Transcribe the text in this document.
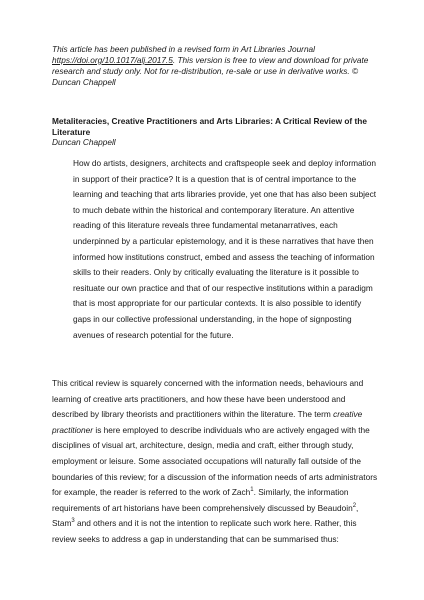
This article has been published in a revised form in Art Libraries Journal https://doi.org/10.1017/alj.2017.5. This version is free to view and download for private research and study only. Not for re-distribution, re-sale or use in derivative works. © Duncan Chappell
Metaliteracies, Creative Practitioners and Arts Libraries: A Critical Review of the Literature
Duncan Chappell

How do artists, designers, architects and craftspeople seek and deploy information in support of their practice? It is a question that is of central importance to the learning and teaching that arts libraries provide, yet one that has also been subject to much debate within the historical and contemporary literature. An attentive reading of this literature reveals three fundamental metanarratives, each underpinned by a particular epistemology, and it is these narratives that have then informed how institutions construct, embed and assess the teaching of information skills to their readers. Only by critically evaluating the literature is it possible to resituate our own practice and that of our respective institutions within a paradigm that is most appropriate for our particular contexts. It is also possible to identify gaps in our collective professional understanding, in the hope of signposting avenues of research potential for the future.

This critical review is squarely concerned with the information needs, behaviours and learning of creative arts practitioners, and how these have been understood and described by library theorists and practitioners within the literature. The term creative practitioner is here employed to describe individuals who are actively engaged with the disciplines of visual art, architecture, design, media and craft, either through study, employment or leisure. Some associated occupations will naturally fall outside of the boundaries of this review; for a discussion of the information needs of arts administrators for example, the reader is referred to the work of Zach$^1$. Similarly, the information requirements of art historians have been comprehensively discussed by Beaudoin$^2$, Stam$^3$ and others and it is not the intention to replicate such work here. Rather, this review seeks to address a gap in understanding that can be summarised thus:
